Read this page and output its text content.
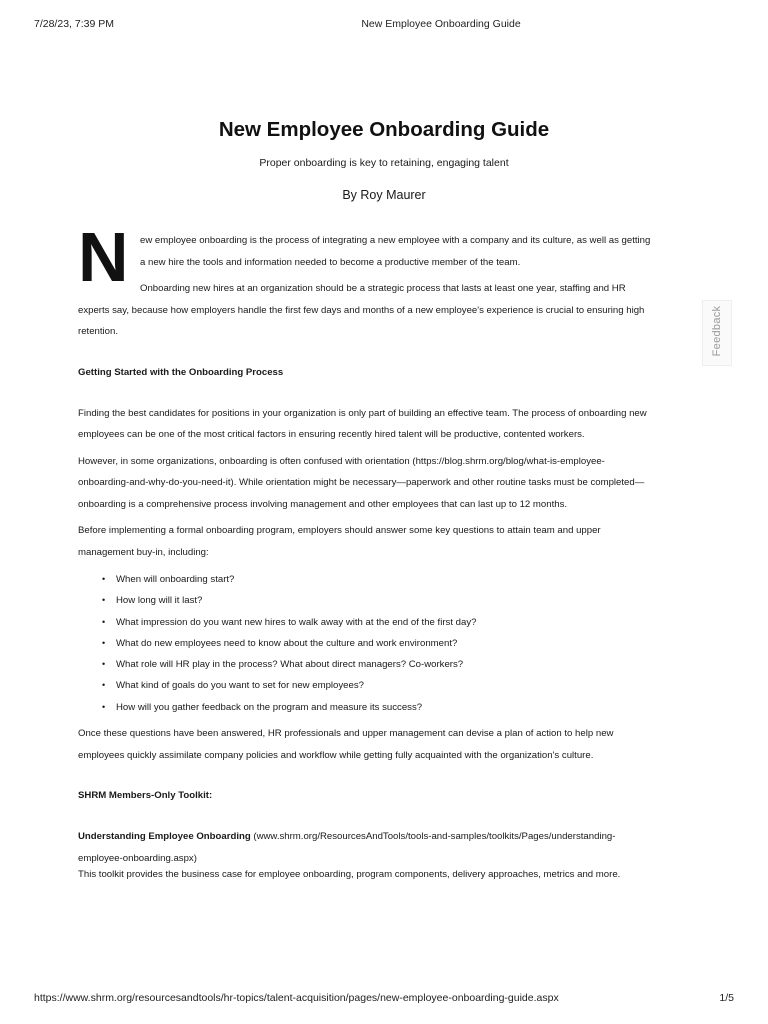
7/28/23, 7:39 PM	New Employee Onboarding Guide
New Employee Onboarding Guide
Proper onboarding is key to retaining, engaging talent
By Roy Maurer
N	ew employee onboarding is the process of integrating a new employee with a company and its culture, as well as getting
a new hire the tools and information needed to become a productive member of the team.

Onboarding new hires at an organization should be a strategic process that lasts at least one year, staffing and HR
experts say, because how employers handle the first few days and months of a new employee's experience is crucial to ensuring high
retention.

Getting Started with the Onboarding Process

Finding the best candidates for positions in your organization is only part of building an effective team. The process of onboarding new
employees can be one of the most critical factors in ensuring recently hired talent will be productive, contented workers.

However, in some organizations, onboarding is often confused with orientation (https://blog.shrm.org/blog/what-is-employee-
onboarding-and-why-do-you-need-it). While orientation might be necessary—paperwork and other routine tasks must be completed—
onboarding is a comprehensive process involving management and other employees that can last up to 12 months.

Before implementing a formal onboarding program, employers should answer some key questions to attain team and upper
management buy-in, including:

• When will onboarding start?
• How long will it last?
• What impression do you want new hires to walk away with at the end of the first day?
• What do new employees need to know about the culture and work environment?
• What role will HR play in the process? What about direct managers? Co-workers?
• What kind of goals do you want to set for new employees?
• How will you gather feedback on the program and measure its success?

Once these questions have been answered, HR professionals and upper management can devise a plan of action to help new
employees quickly assimilate company policies and workflow while getting fully acquainted with the organization's culture.

SHRM Members-Only Toolkit:

Understanding Employee Onboarding (www.shrm.org/ResourcesAndTools/tools-and-samples/toolkits/Pages/understanding-
employee-onboarding.aspx)

This toolkit provides the business case for employee onboarding, program components, delivery approaches, metrics and more.

Feedback
https://www.shrm.org/resourcesandtools/hr-topics/talent-acquisition/pages/new-employee-onboarding-guide.aspx	1/5
